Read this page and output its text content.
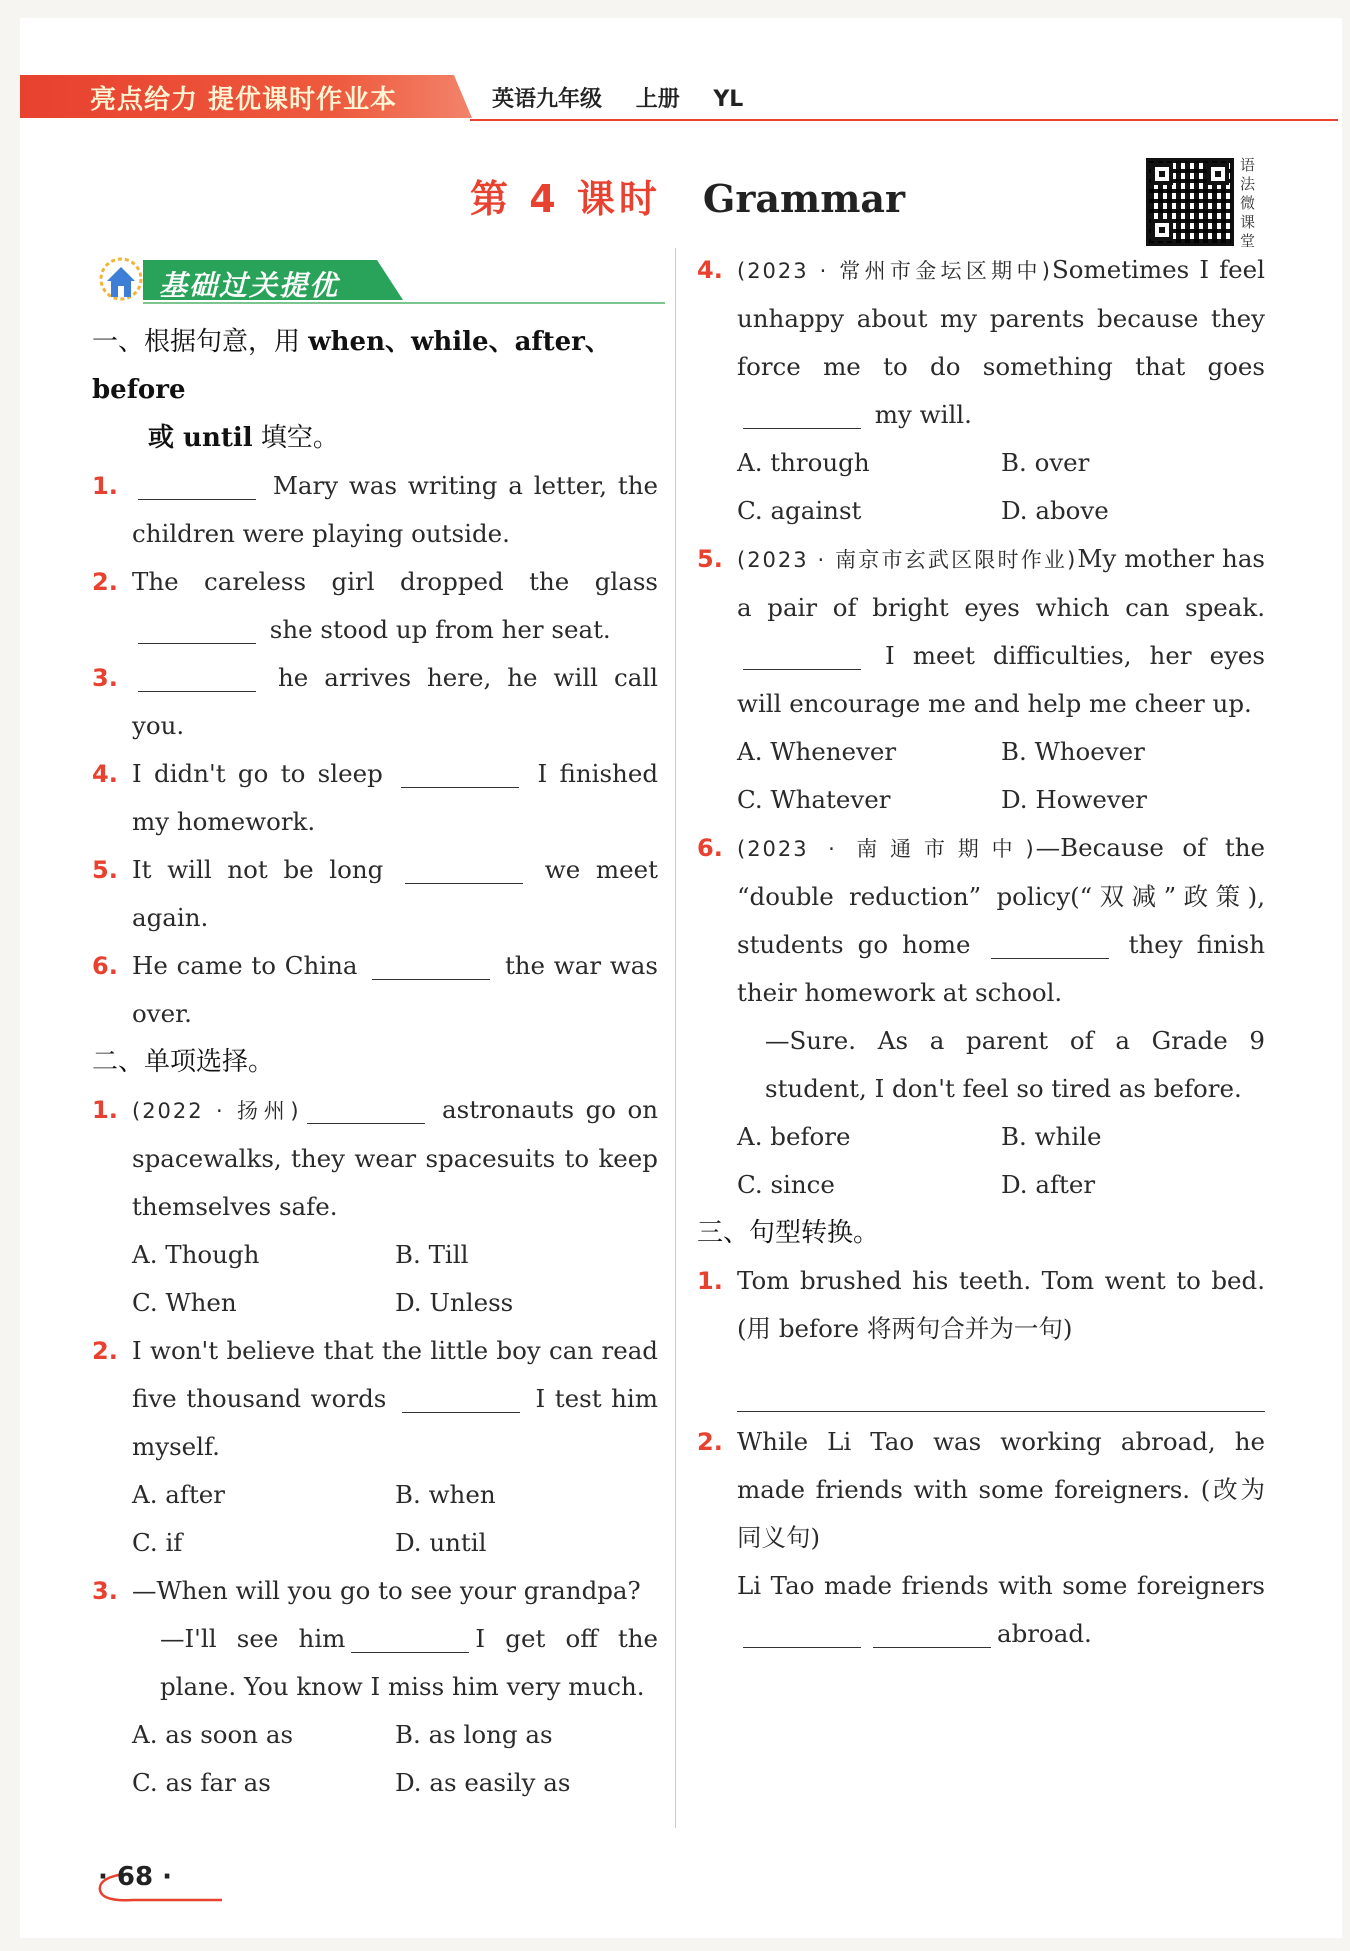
亮点给力 提优课时作业本	英语九年级 上册 YL
第 4 课时 Grammar
语
法
微
课
堂
基础过关提优
一、根据句意，用 when、while、after、before
或 until 填空。
1.	Mary was writing a letter, the children were playing outside.
2. The careless girl dropped the glass  she stood up from her seat.
3.	he arrives here, he will call you.
4. I didn't go to sleep	I finished my homework.
5. It will not be long	we meet again.
6. He came to China	the war was over.
二、单项选择。
1. (2022 · 扬州)	astronauts go on spacewalks, they wear spacesuits to keep themselves safe.
A. Though	B. Till
C. When	D. Unless
2. I won't believe that the little boy can read five thousand words	I test him myself.
A. after	B. when
C. if	D. until
3. —When will you go to see your grandpa?
—I'll see him	I get off the plane. You know I miss him very much.
A. as soon as	B. as long as
C. as far as	D. as easily as
4. (2023 · 常州市金坛区期中)Sometimes I feel unhappy about my parents because they force me to do something that goes  my will.
A. through	B. over
C. against	D. above
5. (2023 · 南京市玄武区限时作业)My mother has a pair of bright eyes which can speak.  I meet difficulties, her eyes will encourage me and help me cheer up.
A. Whenever	B. Whoever
C. Whatever	D. However
6. (2023 · 南通市期中)—Because of the “double reduction” policy(“双减”政策), students go home	they finish their homework at school.
—Sure. As a parent of a Grade 9 student, I don't feel so tired as before.
A. before	B. while
C. since	D. after
三、句型转换。
1. Tom brushed his teeth. Tom went to bed. (用 before 将两句合并为一句)
2. While Li Tao was working abroad, he made friends with some foreigners. (改为同义句)
Li Tao made friends with some foreignersabroad.
· 68 ·
